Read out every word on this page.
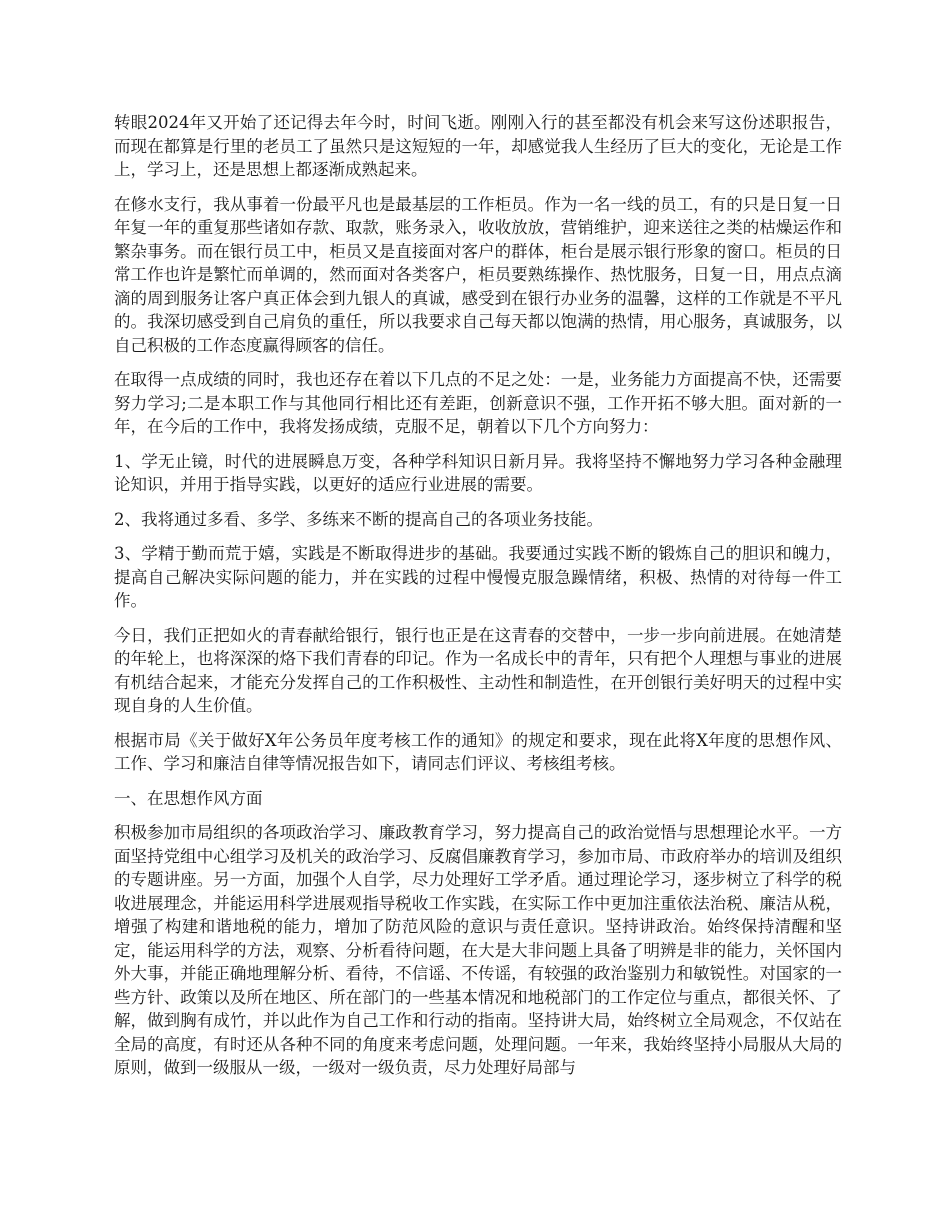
转眼2024年又开始了还记得去年今时，时间飞逝。刚刚入行的甚至都没有机会来写这份述职报告，而现在都算是行里的老员工了虽然只是这短短的一年，却感觉我人生经历了巨大的变化，无论是工作上，学习上，还是思想上都逐渐成熟起来。

在修水支行，我从事着一份最平凡也是最基层的工作柜员。作为一名一线的员工，有的只是日复一日年复一年的重复那些诸如存款、取款，账务录入，收收放放，营销维护，迎来送往之类的枯燥运作和繁杂事务。而在银行员工中，柜员又是直接面对客户的群体，柜台是展示银行形象的窗口。柜员的日常工作也许是繁忙而单调的，然而面对各类客户，柜员要熟练操作、热忱服务，日复一日，用点点滴滴的周到服务让客户真正体会到九银人的真诚，感受到在银行办业务的温馨，这样的工作就是不平凡的。我深切感受到自己肩负的重任，所以我要求自己每天都以饱满的热情，用心服务，真诚服务，以自己积极的工作态度赢得顾客的信任。

在取得一点成绩的同时，我也还存在着以下几点的不足之处：一是，业务能力方面提高不快，还需要努力学习;二是本职工作与其他同行相比还有差距，创新意识不强，工作开拓不够大胆。面对新的一年，在今后的工作中，我将发扬成绩，克服不足，朝着以下几个方向努力：

1、学无止镜，时代的进展瞬息万变，各种学科知识日新月异。我将坚持不懈地努力学习各种金融理论知识，并用于指导实践，以更好的适应行业进展的需要。

2、我将通过多看、多学、多练来不断的提高自己的各项业务技能。

3、学精于勤而荒于嬉，实践是不断取得进步的基础。我要通过实践不断的锻炼自己的胆识和魄力，提高自己解决实际问题的能力，并在实践的过程中慢慢克服急躁情绪，积极、热情的对待每一件工作。

今日，我们正把如火的青春献给银行，银行也正是在这青春的交替中，一步一步向前进展。在她清楚的年轮上，也将深深的烙下我们青春的印记。作为一名成长中的青年，只有把个人理想与事业的进展有机结合起来，才能充分发挥自己的工作积极性、主动性和制造性，在开创银行美好明天的过程中实现自身的人生价值。

根据市局《关于做好X年公务员年度考核工作的通知》的规定和要求，现在此将X年度的思想作风、工作、学习和廉洁自律等情况报告如下，请同志们评议、考核组考核。

一、在思想作风方面

积极参加市局组织的各项政治学习、廉政教育学习，努力提高自己的政治觉悟与思想理论水平。一方面坚持党组中心组学习及机关的政治学习、反腐倡廉教育学习，参加市局、市政府举办的培训及组织的专题讲座。另一方面，加强个人自学，尽力处理好工学矛盾。通过理论学习，逐步树立了科学的税收进展理念，并能运用科学进展观指导税收工作实践，在实际工作中更加注重依法治税、廉洁从税，增强了构建和谐地税的能力，增加了防范风险的意识与责任意识。坚持讲政治。始终保持清醒和坚定，能运用科学的方法，观察、分析看待问题，在大是大非问题上具备了明辨是非的能力，关怀国内外大事，并能正确地理解分析、看待，不信谣、不传谣，有较强的政治鉴别力和敏锐性。对国家的一些方针、政策以及所在地区、所在部门的一些基本情况和地税部门的工作定位与重点，都很关怀、了解，做到胸有成竹，并以此作为自己工作和行动的指南。坚持讲大局，始终树立全局观念，不仅站在全局的高度，有时还从各种不同的角度来考虑问题，处理问题。一年来，我始终坚持小局服从大局的原则，做到一级服从一级，一级对一级负责，尽力处理好局部与
